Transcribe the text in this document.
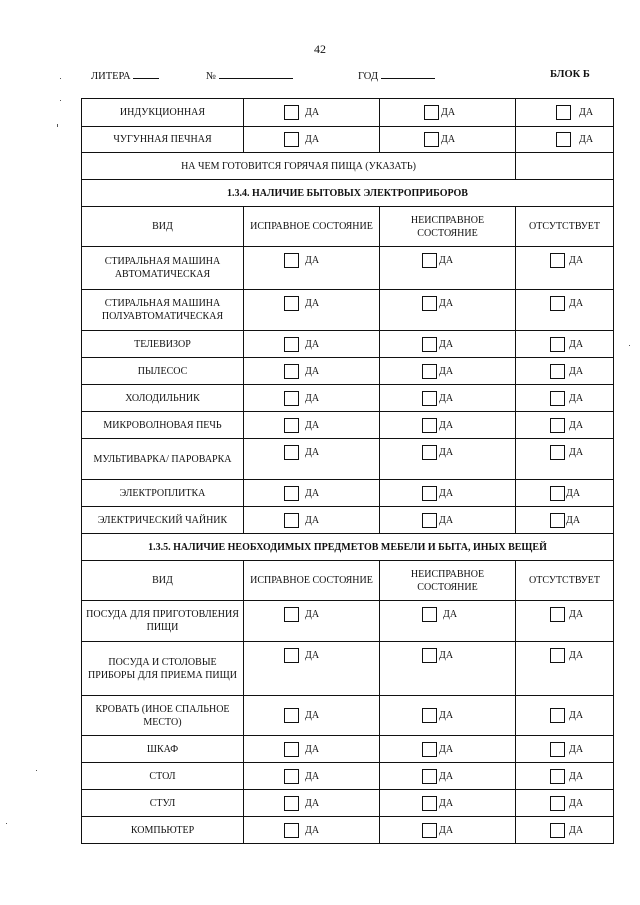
42
ЛИТЕРА	№	ГОД	БЛОК Б
ИНДУКЦИОННАЯ	ДА	ДА	ДА

ЧУГУННАЯ ПЕЧНАЯ	ДА	ДА	ДА

НА ЧЕМ ГОТОВИТСЯ ГОРЯЧАЯ ПИЩА (УКАЗАТЬ)			
1.3.4. НАЛИЧИЕ БЫТОВЫХ ЭЛЕКТРОПРИБОРОВ			
ВИД	ИСПРАВНОЕ СОСТОЯНИЕ	НЕИСПРАВНОЕ СОСТОЯНИЕ	ОТСУТСТВУЕТ
СТИРАЛЬНАЯ МАШИНА АВТОМАТИЧЕСКАЯ	ДА	ДА	ДА

СТИРАЛЬНАЯ МАШИНА ПОЛУАВТОМАТИЧЕСКАЯ	ДА	ДА	ДА

ТЕЛЕВИЗОР	ДА	ДА	ДА

ПЫЛЕСОС	ДА	ДА	ДА

ХОЛОДИЛЬНИК	ДА	ДА	ДА

МИКРОВОЛНОВАЯ ПЕЧЬ	ДА	ДА	ДА

МУЛЬТИВАРКА/ ПАРОВАРКА	ДА	ДА	ДА

ЭЛЕКТРОПЛИТКА	ДА	ДА	ДА

ЭЛЕКТРИЧЕСКИЙ ЧАЙНИК	ДА	ДА	ДА

1.3.5. НАЛИЧИЕ НЕОБХОДИМЫХ ПРЕДМЕТОВ МЕБЕЛИ И БЫТА, ИНЫХ ВЕЩЕЙ			
ВИД	ИСПРАВНОЕ СОСТОЯНИЕ	НЕИСПРАВНОЕ СОСТОЯНИЕ	ОТСУТСТВУЕТ
ПОСУДА ДЛЯ ПРИГОТОВЛЕНИЯ ПИЩИ	ДА	ДА	ДА

ПОСУДА И СТОЛОВЫЕ ПРИБОРЫ ДЛЯ ПРИЕМА ПИЩИ	ДА	ДА	ДА

КРОВАТЬ (ИНОЕ СПАЛЬНОЕ МЕСТО)	ДА	ДА	ДА

ШКАФ	ДА	ДА	ДА

СТОЛ	ДА	ДА	ДА

СТУЛ	ДА	ДА	ДА

КОМПЬЮТЕР	ДА	ДА	ДА
